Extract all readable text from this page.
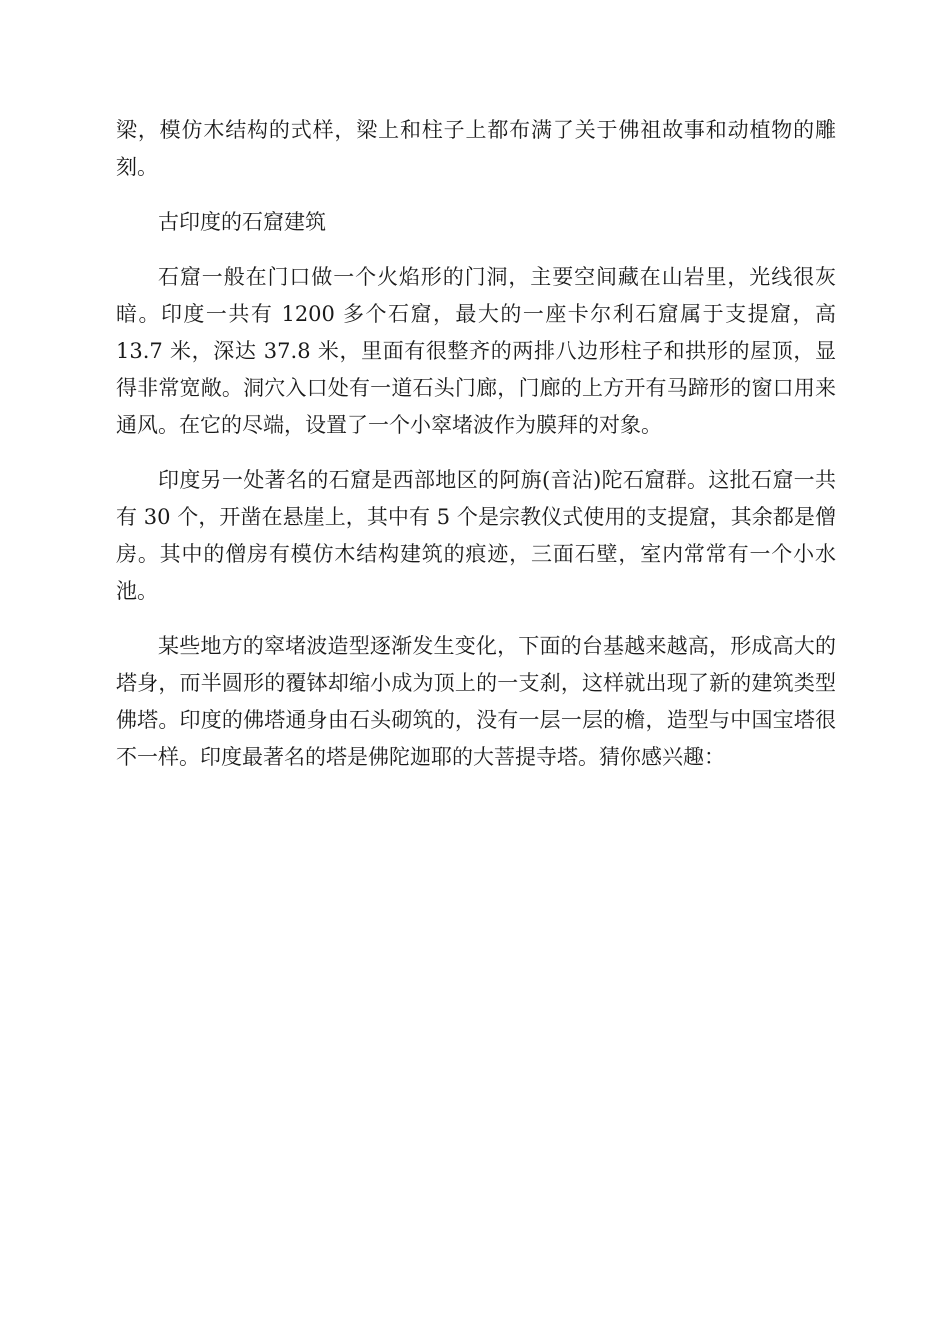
梁，模仿木结构的式样，梁上和柱子上都布满了关于佛祖故事和动植物的雕刻。

古印度的石窟建筑

石窟一般在门口做一个火焰形的门洞，主要空间藏在山岩里，光线很灰暗。印度一共有 1200 多个石窟，最大的一座卡尔利石窟属于支提窟，高 13.7 米，深达 37.8 米，里面有很整齐的两排八边形柱子和拱形的屋顶，显得非常宽敞。洞穴入口处有一道石头门廊，门廊的上方开有马蹄形的窗口用来通风。在它的尽端，设置了一个小窣堵波作为膜拜的对象。

印度另一处著名的石窟是西部地区的阿旃(音沾)陀石窟群。这批石窟一共有 30 个，开凿在悬崖上，其中有 5 个是宗教仪式使用的支提窟，其余都是僧房。其中的僧房有模仿木结构建筑的痕迹，三面石壁，室内常常有一个小水池。

某些地方的窣堵波造型逐渐发生变化，下面的台基越来越高，形成高大的塔身，而半圆形的覆钵却缩小成为顶上的一支刹，这样就出现了新的建筑类型佛塔。印度的佛塔通身由石头砌筑的，没有一层一层的檐，造型与中国宝塔很不一样。印度最著名的塔是佛陀迦耶的大菩提寺塔。猜你感兴趣：
